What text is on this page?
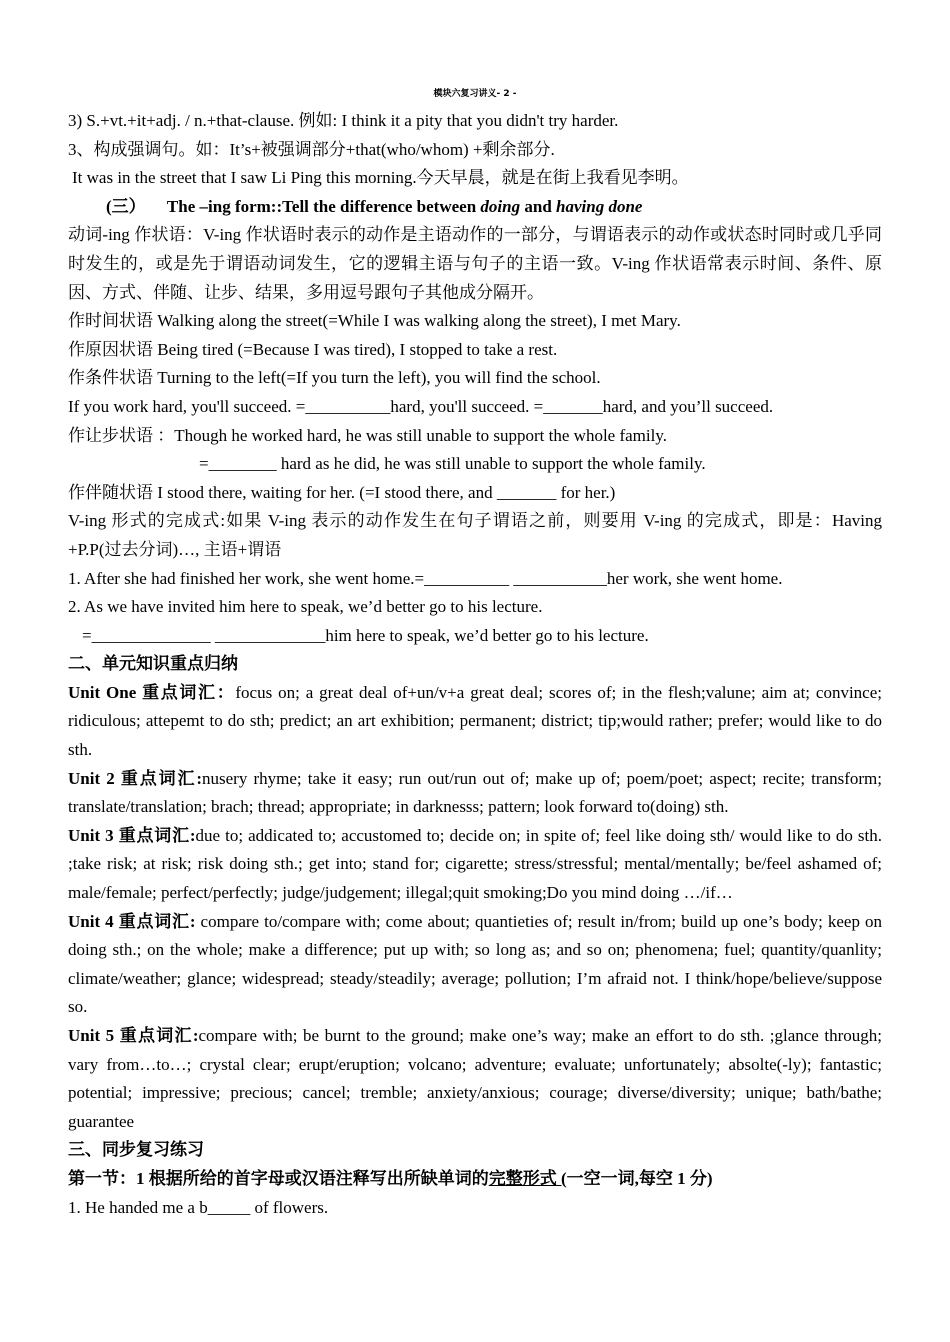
模块六复习讲义- 2 -

3) S.+vt.+it+adj. / n.+that-clause. 例如: I think it a pity that you didn't try harder.

3、构成强调句。如：It’s+被强调部分+that(who/whom) +剩余部分.

It was in the street that I saw Li Ping this morning.今天早晨，就是在街上我看见李明。

(三） The –ing form::Tell the difference between doing and having done

动词-ing 作状语：V-ing 作状语时表示的动作是主语动作的一部分，与谓语表示的动作或状态时同时或几乎同时发生的，或是先于谓语动词发生，它的逻辑主语与句子的主语一致。V-ing 作状语常表示时间、条件、原因、方式、伴随、让步、结果，多用逗号跟句子其他成分隔开。

作时间状语 Walking along the street(=While I was walking along the street), I met Mary.

作原因状语 Being tired (=Because I was tired), I stopped to take a rest.

作条件状语 Turning to the left(=If you turn the left), you will find the school.

If you work hard, you'll succeed. =__________hard, you'll succeed. =_______hard, and you’ll succeed.

作让步状语 ：Though he worked hard, he was still unable to support the whole family.

=________ hard as he did, he was still unable to support the whole family.

作伴随状语 I stood there, waiting for her. (=I stood there, and _______ for her.)

V-ing 形式的完成式:如果 V-ing 表示的动作发生在句子谓语之前，则要用 V-ing 的完成式，即是：Having +P.P(过去分词)…, 主语+谓语

1. After she had finished her work, she went home.=__________ ___________her work, she went home.

2. As we have invited him here to speak, we’d better go to his lecture.

=______________ _____________him here to speak, we’d better go to his lecture.

二、单元知识重点归纳

Unit One 重点词汇：focus on; a great deal of+un/v+a great deal; scores of; in the flesh;valune; aim at; convince; ridiculous; attepemt to do sth; predict; an art exhibition; permanent; district; tip;would rather; prefer; would like to do sth.

Unit 2 重点词汇:nusery rhyme; take it easy; run out/run out of; make up of; poem/poet; aspect; recite; transform; translate/translation; brach; thread; appropriate; in darknesss; pattern; look forward to(doing) sth.

Unit 3 重点词汇:due to; addicated to; accustomed to; decide on; in spite of; feel like doing sth/ would like to do sth. ;take risk; at risk; risk doing sth.; get into; stand for; cigarette; stress/stressful; mental/mentally; be/feel ashamed of; male/female; perfect/perfectly; judge/judgement; illegal;quit smoking;Do you mind doing …/if…

Unit 4 重点词汇: compare to/compare with; come about; quantieties of; result in/from; build up one’s body; keep on doing sth.; on the whole; make a difference; put up with; so long as; and so on; phenomena; fuel; quantity/quanlity; climate/weather; glance; widespread; steady/steadily; average; pollution; I’m afraid not. I think/hope/believe/suppose so.

Unit 5 重点词汇:compare with; be burnt to the ground; make one’s way; make an effort to do sth. ;glance through; vary from…to…; crystal clear; erupt/eruption; volcano; adventure; evaluate; unfortunately; absolte(-ly); fantastic; potential; impressive; precious; cancel; tremble; anxiety/anxious; courage; diverse/diversity; unique; bath/bathe; guarantee

三、同步复习练习

第一节：1 根据所给的首字母或汉语注释写出所缺单词的完整形式 (一空一词,每空 1 分)

1. He handed me a b_____ of flowers.
